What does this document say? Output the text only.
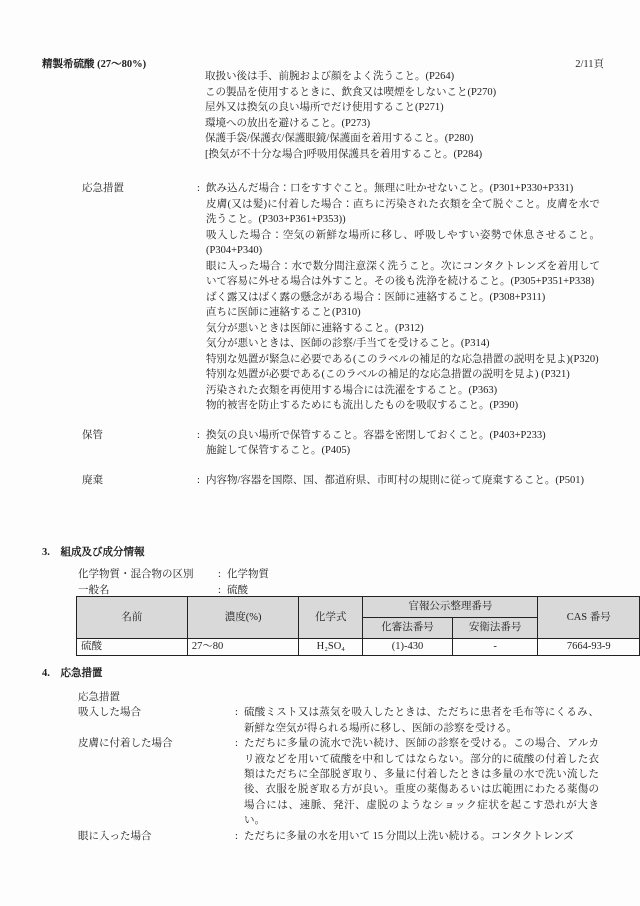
精製希硫酸 (27～80%)	2/11頁
取扱い後は手、前腕および顔をよく洗うこと。(P264)
この製品を使用するときに、飲食又は喫煙をしないこと(P270)
屋外又は換気の良い場所でだけ使用すること(P271)
環境への放出を避けること。(P273)
保護手袋/保護衣/保護眼鏡/保護面を着用すること。(P280)
[換気が不十分な場合]呼吸用保護具を着用すること。(P284)
応急措置	: 飲み込んだ場合：口をすすぐこと。無理に吐かせないこと。(P301+P330+P331)
皮膚(又は髪)に付着した場合：直ちに汚染された衣類を全て脱ぐこと。皮膚を水で洗うこと。(P303+P361+P353))
吸入した場合：空気の新鮮な場所に移し、呼吸しやすい姿勢で休息させること。(P304+P340)
眼に入った場合：水で数分間注意深く洗うこと。次にコンタクトレンズを着用していて容易に外せる場合は外すこと。その後も洗浄を続けること。(P305+P351+P338)
ばく露又はばく露の懸念がある場合：医師に連絡すること。(P308+P311)
直ちに医師に連絡すること(P310)
気分が悪いときは医師に連絡すること。(P312)
気分が悪いときは、医師の診察/手当てを受けること。(P314)
特別な処置が緊急に必要である(このラベルの補足的な応急措置の説明を見よ)(P320)
特別な処置が必要である(このラベルの補足的な応急措置の説明を見よ) (P321)
汚染された衣類を再使用する場合には洗濯をすること。(P363)
物的被害を防止するためにも流出したものを吸収すること。(P390)
保管	: 換気の良い場所で保管すること。容器を密閉しておくこと。(P403+P233)
施錠して保管すること。(P405)
廃棄	: 内容物/容器を国際、国、都道府県、市町村の規則に従って廃棄すること。(P501)
3. 組成及び成分情報
化学物質・混合物の区別	: 化学物質
一般名	: 硫酸
名前	濃度(%)	化学式	官報公示整理番号		CAS 番号
			化審法番号	安衛法番号	
硫酸	27～80	H₂SO₄	(1)-430	-	7664-93-9
4. 応急措置
応急措置
吸入した場合	: 硫酸ミスト又は蒸気を吸入したときは、ただちに患者を毛布等にくるみ、新鮮な空気が得られる場所に移し、医師の診察を受ける。
皮膚に付着した場合	: ただちに多量の流水で洗い続け、医師の診察を受ける。この場合、アルカリ液などを用いて硫酸を中和してはならない。部分的に硫酸の付着した衣類はただちに全部脱ぎ取り、多量に付着したときは多量の水で洗い流した後、衣服を脱ぎ取る方が良い。重度の薬傷あるいは広範囲にわたる薬傷の場合には、速脈、発汗、虚脱のようなショック症状を起こす恐れが大きい。
眼に入った場合	: ただちに多量の水を用いて 15 分間以上洗い続ける。コンタクトレンズ
